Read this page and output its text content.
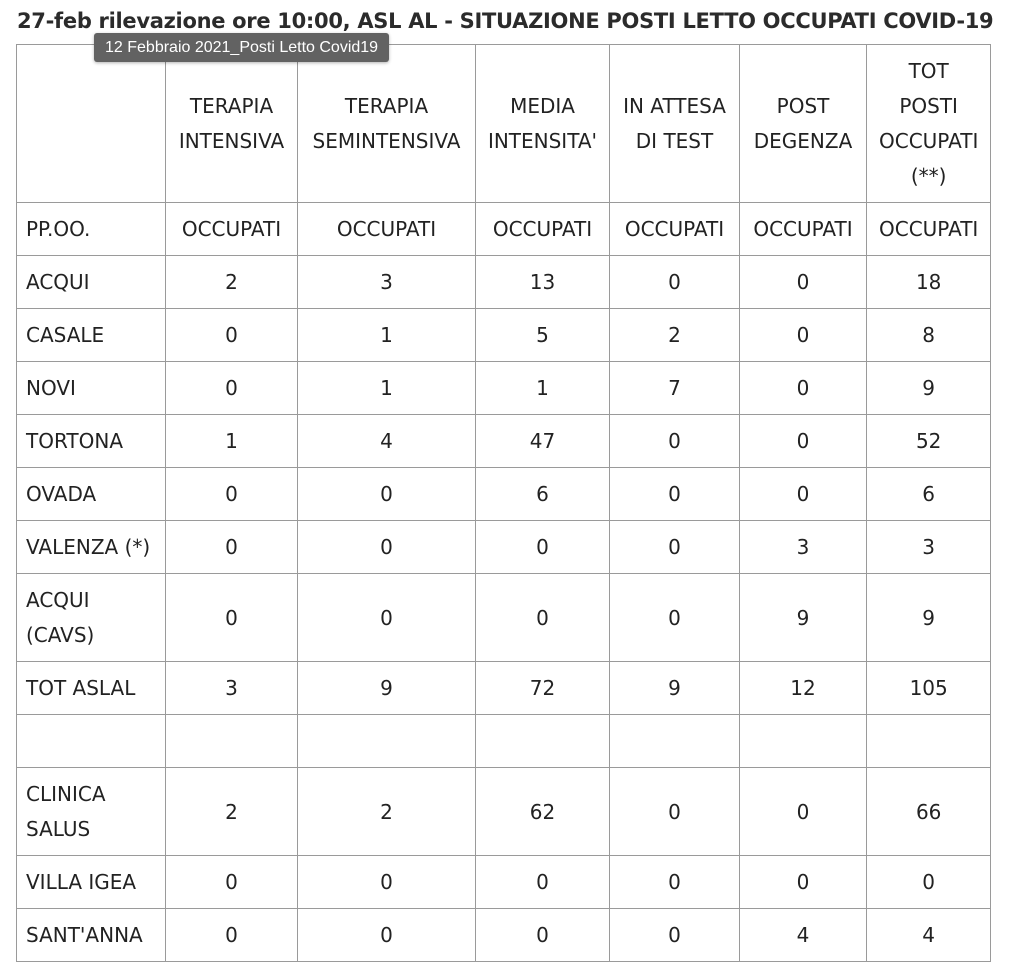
27-feb rilevazione ore 10:00, ASL AL - SITUAZIONE POSTI LETTO OCCUPATI COVID-19
	TERAPIA INTENSIVA	TERAPIA SEMINTENSIVA	MEDIA INTENSITA'	IN ATTESA DI TEST	POST DEGENZA	TOT POSTI OCCUPATI (**)
PP.OO.	OCCUPATI	OCCUPATI	OCCUPATI	OCCUPATI	OCCUPATI	OCCUPATI
ACQUI	2	3	13	0	0	18
CASALE	0	1	5	2	0	8
NOVI	0	1	1	7	0	9
TORTONA	1	4	47	0	0	52
OVADA	0	0	6	0	0	6
VALENZA (*)	0	0	0	0	3	3
ACQUI (CAVS)	0	0	0	0	9	9
TOT ASLAL	3	9	72	9	12	105

CLINICA SALUS	2	2	62	0	0	66
VILLA IGEA	0	0	0	0	0	0
SANT'ANNA	0	0	0	0	4	4
12 Febbraio 2021_Posti Letto Covid19
